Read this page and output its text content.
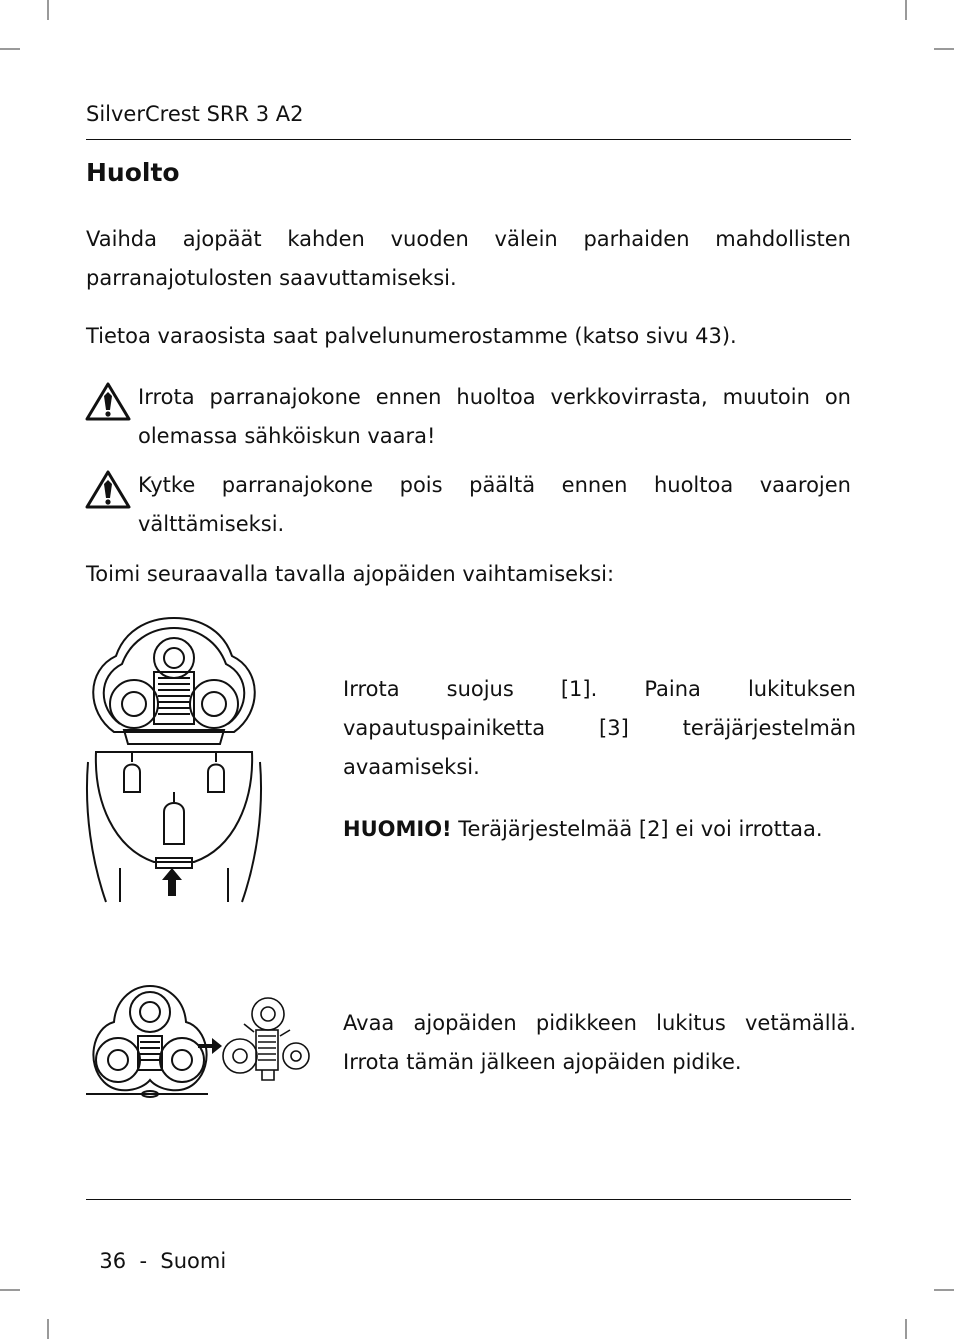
SilverCrest SRR 3 A2
Huolto
Vaihda ajopäät kahden vuoden välein parhaiden mahdollisten parranajotulosten saavuttamiseksi.
Tietoa varaosista saat palvelunumerostamme (katso sivu 43).
Irrota parranajokone ennen huoltoa verkkovirrasta, muutoin on olemassa sähköiskun vaara!
Kytke parranajokone pois päältä ennen huoltoa vaarojen välttämiseksi.
Toimi seuraavalla tavalla ajopäiden vaihtamiseksi:
Irrota suojus [1]. Paina lukituksen vapautuspainiketta [3] teräjärjestelmän avaamiseksi.
HUOMIO! Teräjärjestelmää [2] ei voi irrottaa.
Avaa ajopäiden pidikkeen lukitus vetämällä. Irrota tämän jälkeen ajopäiden pidike.

36 - Suomi
